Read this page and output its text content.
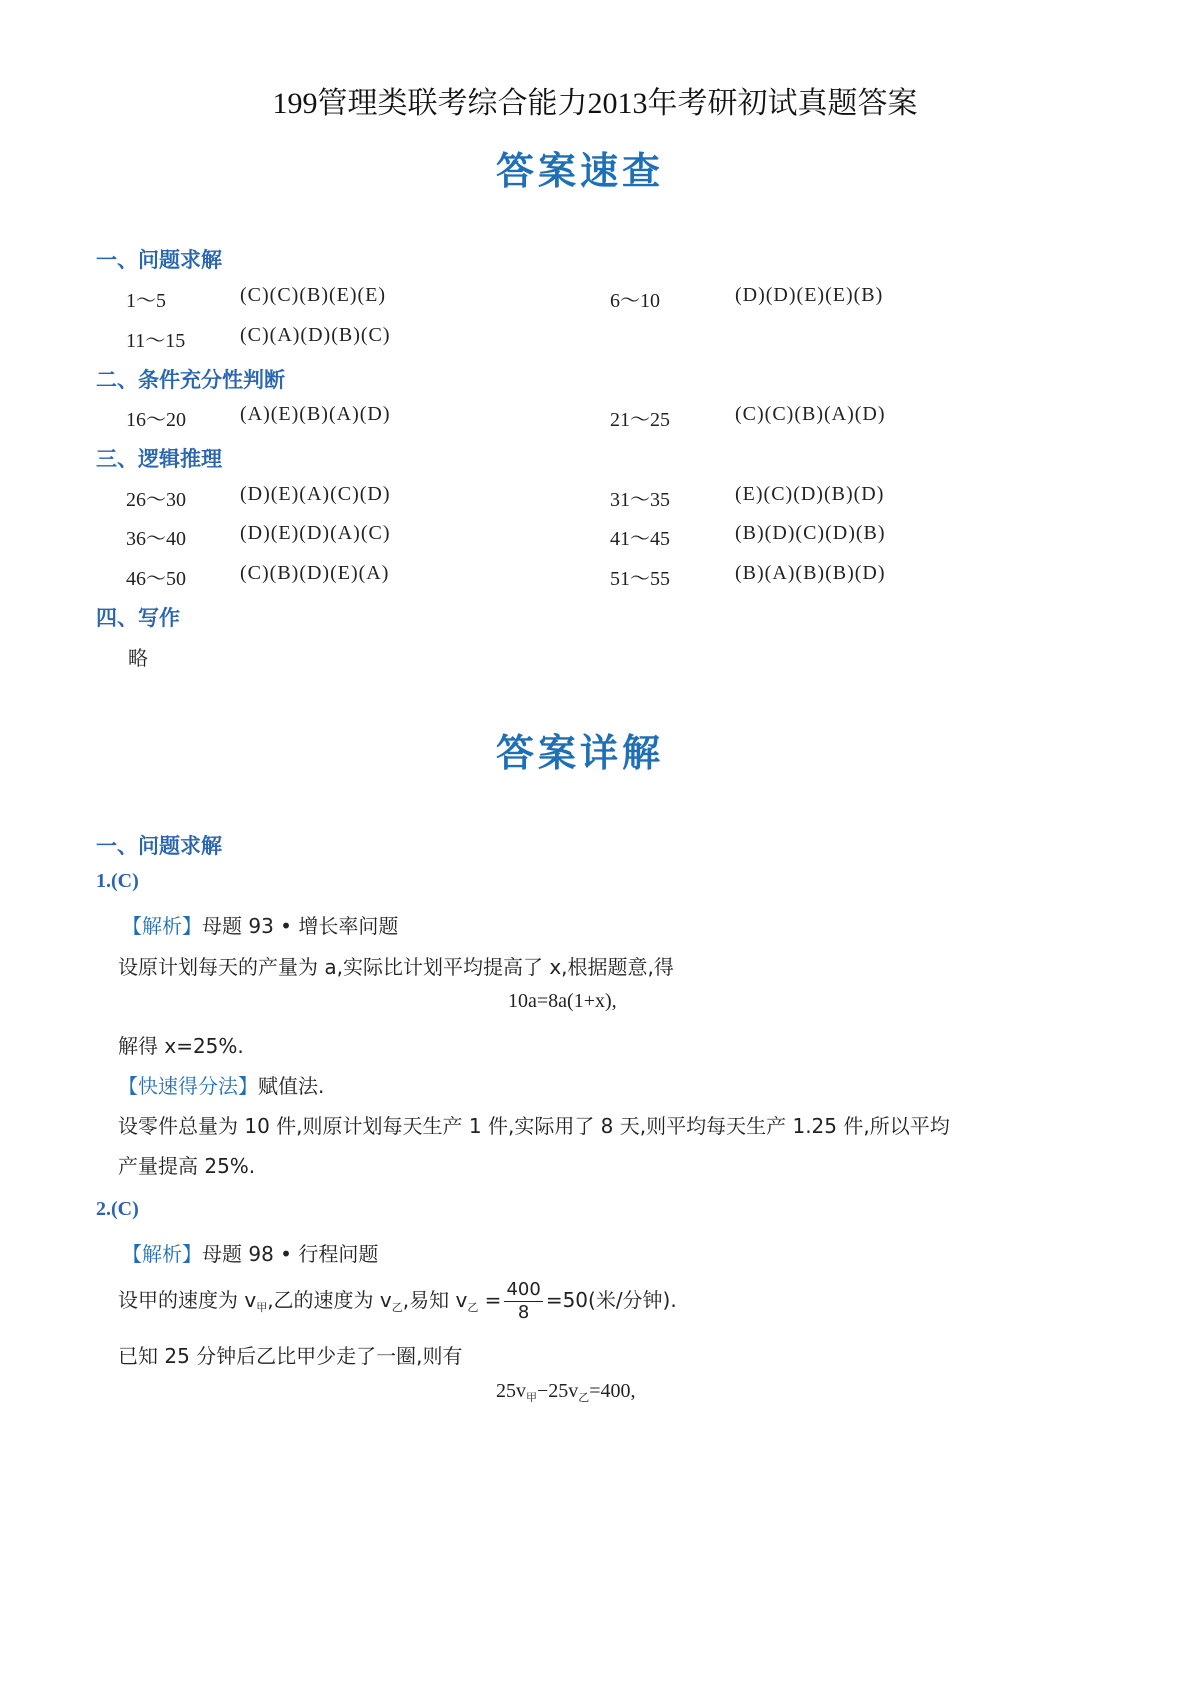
199管理类联考综合能力2013年考研初试真题答案
答案速查
一、问题求解
1～5	(C)(C)(B)(E)(E)	6～10	(D)(D)(E)(E)(B)
11～15	(C)(A)(D)(B)(C)
二、条件充分性判断
16～20	(A)(E)(B)(A)(D)	21～25	(C)(C)(B)(A)(D)
三、逻辑推理
26～30	(D)(E)(A)(C)(D)	31～35	(E)(C)(D)(B)(D)
36～40	(D)(E)(D)(A)(C)	41～45	(B)(D)(C)(D)(B)
46～50	(C)(B)(D)(E)(A)	51～55	(B)(A)(B)(B)(D)
四、写作
略
答案详解
一、问题求解
1.(C)
【解析】母题 93 • 增长率问题
设原计划每天的产量为 a,实际比计划平均提高了 x,根据题意,得
10a=8a(1+x),
解得 x=25%.
【快速得分法】赋值法.
设零件总量为 10 件,则原计划每天生产 1 件,实际用了 8 天,则平均每天生产 1.25 件,所以平均
产量提高 25%.
2.(C)
【解析】母题 98 • 行程问题
设甲的速度为 $v_甲$,乙的速度为 $v_乙$,易知 $v_乙 = \frac{400}{8} =50$(米/分钟).
已知 25 分钟后乙比甲少走了一圈,则有
$25v_甲-25v_乙=400$,
